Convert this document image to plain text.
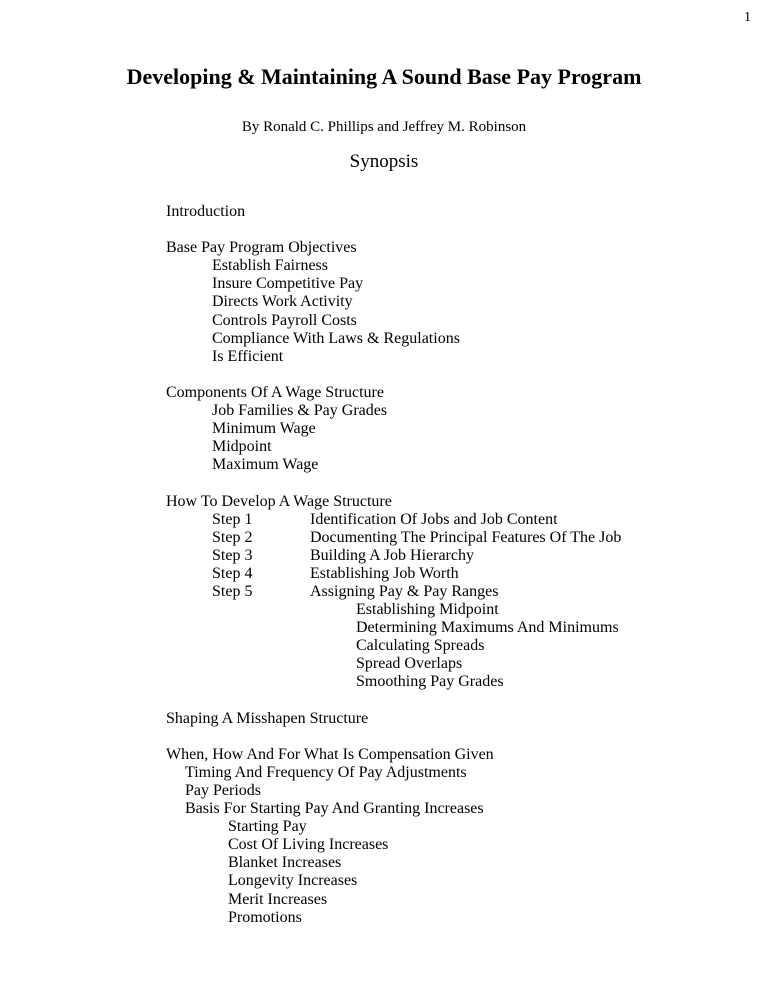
1
Developing & Maintaining A Sound Base Pay Program
By Ronald C. Phillips and Jeffrey M. Robinson
Synopsis
Introduction
Base Pay Program Objectives
Establish Fairness
Insure Competitive Pay
Directs Work Activity
Controls Payroll Costs
Compliance With Laws & Regulations
Is Efficient
Components Of A Wage Structure
Job Families & Pay Grades
Minimum Wage
Midpoint
Maximum Wage
How To Develop A Wage Structure
Step 1	Identification Of Jobs and Job Content
Step 2	Documenting The Principal Features Of The Job
Step 3	Building A Job Hierarchy
Step 4	Establishing Job Worth
Step 5	Assigning Pay & Pay Ranges
Establishing Midpoint
Determining Maximums And Minimums
Calculating Spreads
Spread Overlaps
Smoothing Pay Grades
Shaping A Misshapen Structure
When, How And For What Is Compensation Given
Timing And Frequency Of Pay Adjustments
Pay Periods
Basis For Starting Pay And Granting Increases
Starting Pay
Cost Of Living Increases
Blanket Increases
Longevity Increases
Merit Increases
Promotions
